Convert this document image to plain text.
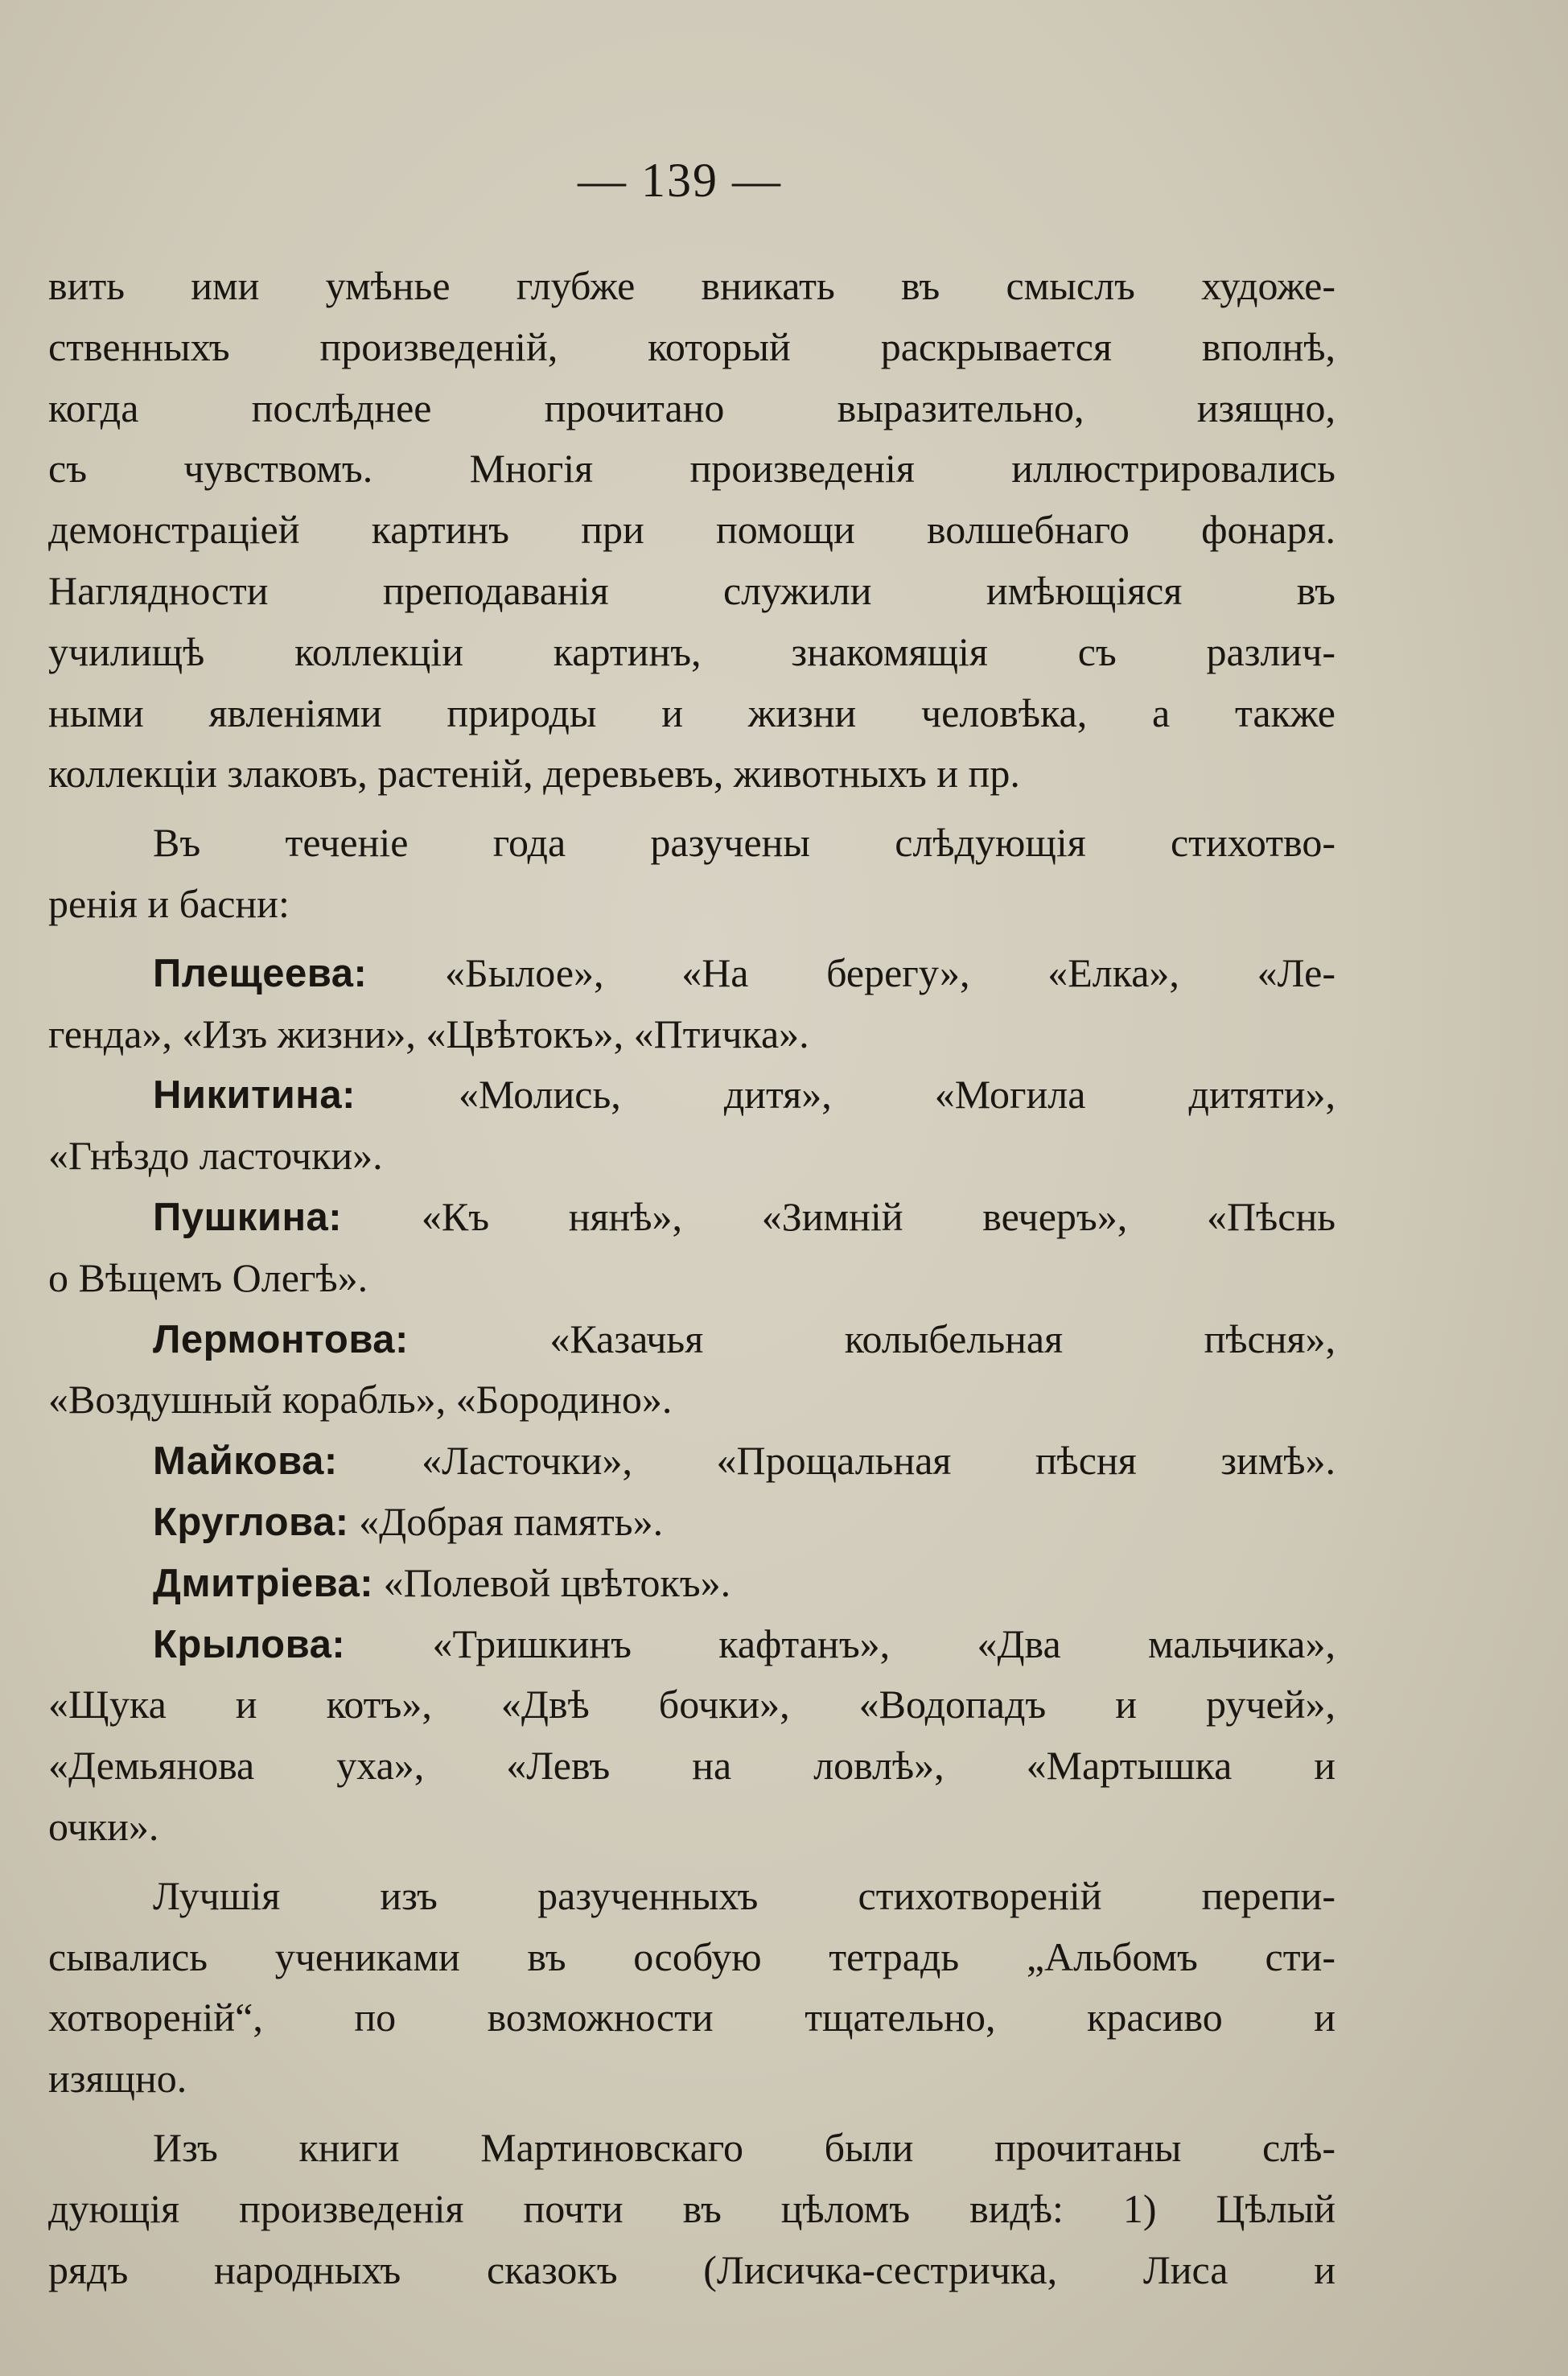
— 139 —
вить ими умѣнье глубже вникать въ смыслъ художе-
ственныхъ произведеній, который раскрывается вполнѣ,
когда послѣднее прочитано выразительно, изящно,
съ чувствомъ. Многія произведенія иллюстрировались
демонстраціей картинъ при помощи волшебнаго фонаря.
Наглядности преподаванія служили имѣющіяся въ
училищѣ коллекціи картинъ, знакомящія съ различ-
ными явленіями природы и жизни человѣка, а также
коллекціи злаковъ, растеній, деревьевъ, животныхъ и пр.
Въ теченіе года разучены слѣдующія стихотво-
ренія и басни:
Плещеева: «Былое», «На берегу», «Елка», «Ле-
генда», «Изъ жизни», «Цвѣтокъ», «Птичка».
Никитина: «Молись, дитя», «Могила дитяти»,
«Гнѣздо ласточки».
Пушкина: «Къ нянѣ», «Зимній вечеръ», «Пѣснь
о Вѣщемъ Олегѣ».
Лермонтова: «Казачья колыбельная пѣсня»,
«Воздушный корабль», «Бородино».
Майкова: «Ласточки», «Прощальная пѣсня зимѣ».
Круглова: «Добрая память».
Дмитріева: «Полевой цвѣтокъ».
Крылова: «Тришкинъ кафтанъ», «Два мальчика»,
«Щука и котъ», «Двѣ бочки», «Водопадъ и ручей»,
«Демьянова уха», «Левъ на ловлѣ», «Мартышка и
очки».
Лучшія изъ разученныхъ стихотвореній перепи-
сывались учениками въ особую тетрадь „Альбомъ сти-
хотвореній“, по возможности тщательно, красиво и
изящно.
Изъ книги Мартиновскаго были прочитаны слѣ-
дующія произведенія почти въ цѣломъ видѣ: 1) Цѣлый
рядъ народныхъ сказокъ (Лисичка-сестричка, Лиса и
